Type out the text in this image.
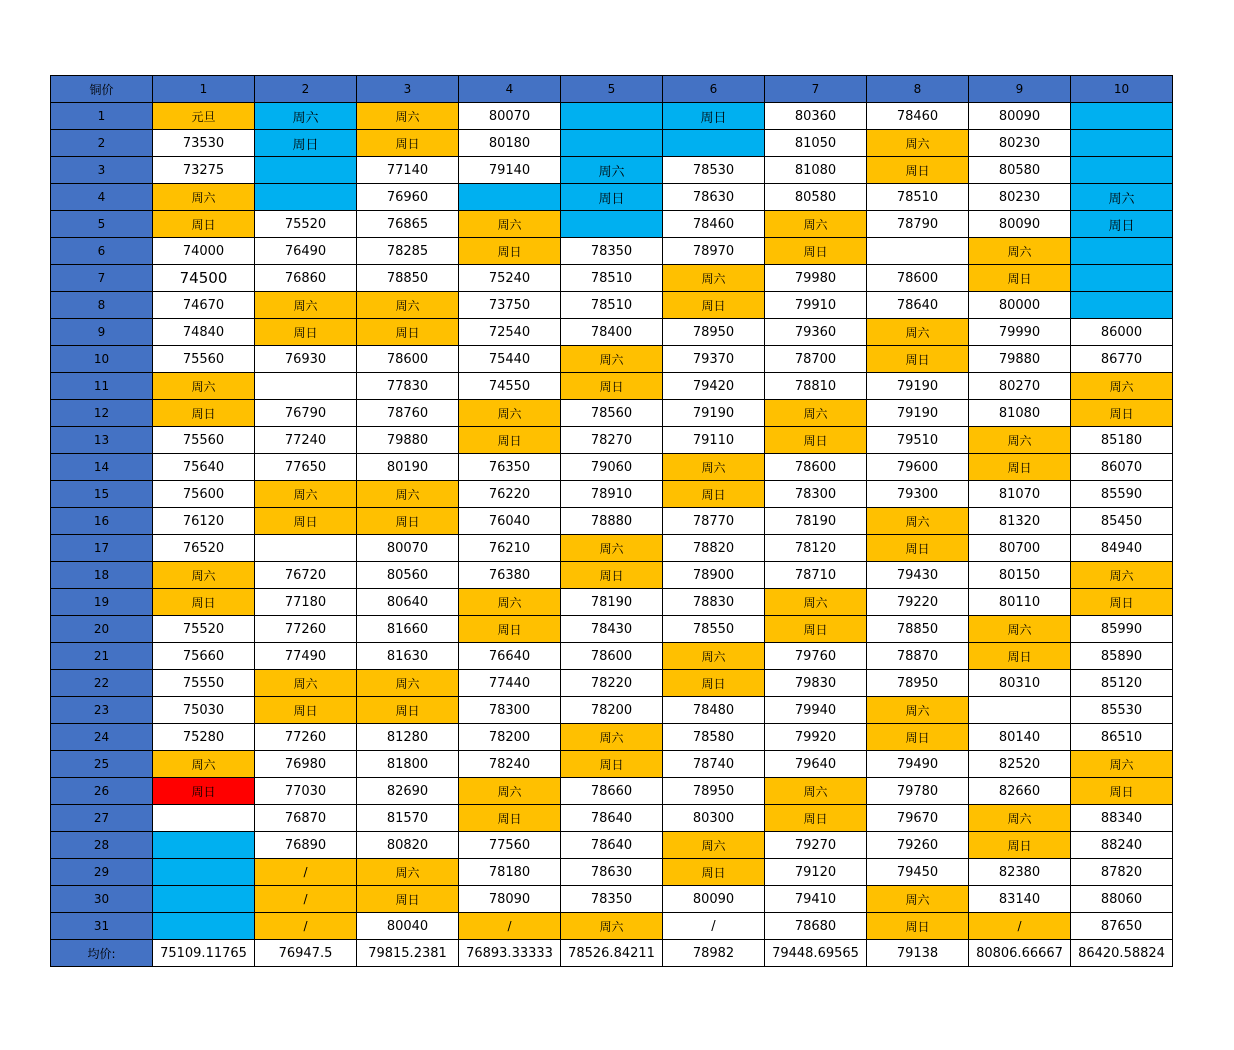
铜价	1	2	3	4	5	6	7	8	9	10
1	元旦	周六	周六	80070		周日	80360	78460	80090	
2	73530	周日	周日	80180			81050	周六	80230	
3	73275		77140	79140	周六	78530	81080	周日	80580	
4	周六		76960		周日	78630	80580	78510	80230	周六
5	周日	75520	76865	周六		78460	周六	78790	80090	周日
6	74000	76490	78285	周日	78350	78970	周日		周六	
7	74500	76860	78850	75240	78510	周六	79980	78600	周日	
8	74670	周六	周六	73750	78510	周日	79910	78640	80000	
9	74840	周日	周日	72540	78400	78950	79360	周六	79990	86000
10	75560	76930	78600	75440	周六	79370	78700	周日	79880	86770
11	周六		77830	74550	周日	79420	78810	79190	80270	周六
12	周日	76790	78760	周六	78560	79190	周六	79190	81080	周日
13	75560	77240	79880	周日	78270	79110	周日	79510	周六	85180
14	75640	77650	80190	76350	79060	周六	78600	79600	周日	86070
15	75600	周六	周六	76220	78910	周日	78300	79300	81070	85590
16	76120	周日	周日	76040	78880	78770	78190	周六	81320	85450
17	76520		80070	76210	周六	78820	78120	周日	80700	84940
18	周六	76720	80560	76380	周日	78900	78710	79430	80150	周六
19	周日	77180	80640	周六	78190	78830	周六	79220	80110	周日
20	75520	77260	81660	周日	78430	78550	周日	78850	周六	85990
21	75660	77490	81630	76640	78600	周六	79760	78870	周日	85890
22	75550	周六	周六	77440	78220	周日	79830	78950	80310	85120
23	75030	周日	周日	78300	78200	78480	79940	周六		85530
24	75280	77260	81280	78200	周六	78580	79920	周日	80140	86510
25	周六	76980	81800	78240	周日	78740	79640	79490	82520	周六
26	周日	77030	82690	周六	78660	78950	周六	79780	82660	周日
27		76870	81570	周日	78640	80300	周日	79670	周六	88340
28		76890	80820	77560	78640	周六	79270	79260	周日	88240
29		/	周六	78180	78630	周日	79120	79450	82380	87820
30		/	周日	78090	78350	80090	79410	周六	83140	88060
31		/	80040	/	周六	/	78680	周日	/	87650
均价:	75109.11765	76947.5	79815.2381	76893.33333	78526.84211	78982	79448.69565	79138	80806.66667	86420.58824
